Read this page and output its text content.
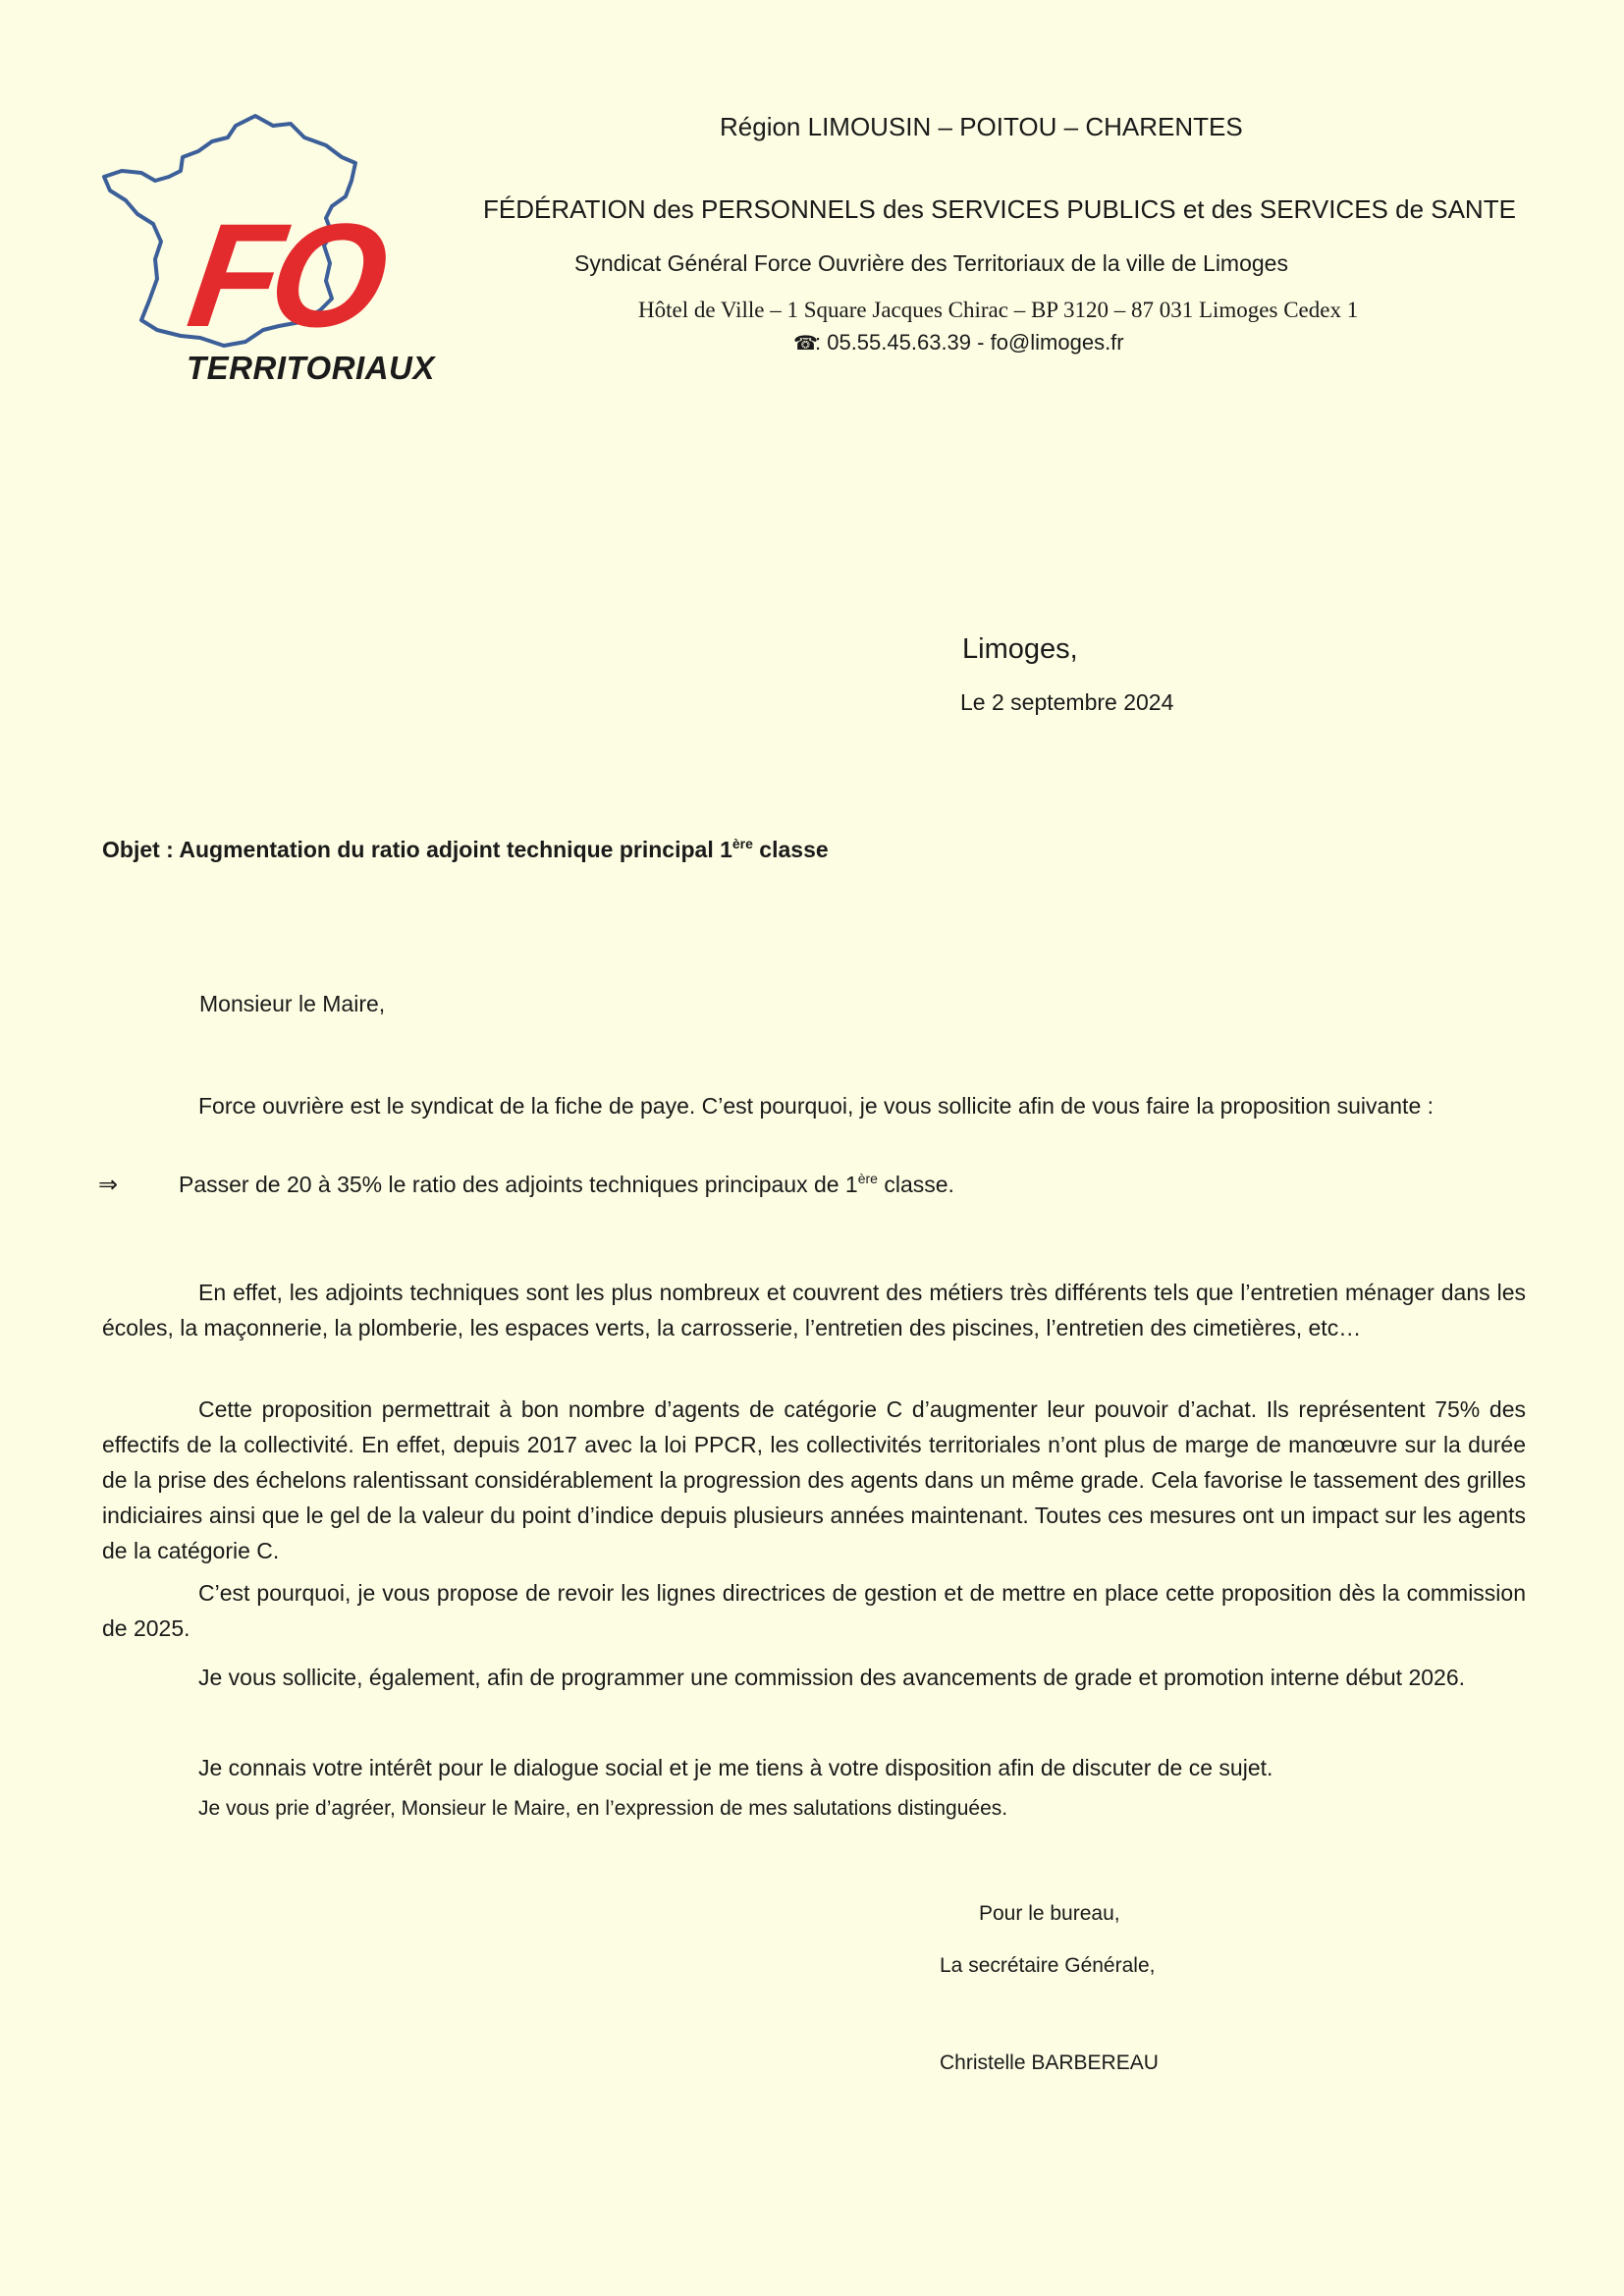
FO
TERRITORIAUX
Région LIMOUSIN – POITOU – CHARENTES
FÉDÉRATION des PERSONNELS des SERVICES PUBLICS et des SERVICES de SANTE
Syndicat Général Force Ouvrière des Territoriaux de la ville de Limoges
Hôtel de Ville – 1 Square Jacques Chirac – BP 3120 – 87 031 Limoges Cedex 1
☎: 05.55.45.63.39 - fo@limoges.fr
Limoges,
Le 2 septembre 2024
Objet : Augmentation du ratio adjoint technique principal 1ère classe
Monsieur le Maire,
Force ouvrière est le syndicat de la fiche de paye. C’est pourquoi, je vous sollicite afin de vous faire la proposition suivante :
⇒	Passer de 20 à 35% le ratio des adjoints techniques principaux de 1ère classe.
En effet, les adjoints techniques sont les plus nombreux et couvrent des métiers très différents tels que l’entretien ménager dans les écoles, la maçonnerie, la plomberie, les espaces verts, la carrosserie, l’entretien des piscines, l’entretien des cimetières, etc…
Cette proposition permettrait à bon nombre d’agents de catégorie C d’augmenter leur pouvoir d’achat. Ils représentent 75% des effectifs de la collectivité. En effet, depuis 2017 avec la loi PPCR, les collectivités territoriales n’ont plus de marge de manœuvre sur la durée de la prise des échelons ralentissant considérablement la progression des agents dans un même grade. Cela favorise le tassement des grilles indiciaires ainsi que le gel de la valeur du point d’indice depuis plusieurs années maintenant. Toutes ces mesures ont un impact sur les agents de la catégorie C.
C’est pourquoi, je vous propose de revoir les lignes directrices de gestion et de mettre en place cette proposition dès la commission de 2025.
Je vous sollicite, également, afin de programmer une commission des avancements de grade et promotion interne début 2026.
Je connais votre intérêt pour le dialogue social et je me tiens à votre disposition afin de discuter de ce sujet.
Je vous prie d’agréer, Monsieur le Maire, en l’expression de mes salutations distinguées.
Pour le bureau,
La secrétaire Générale,
Christelle BARBEREAU
